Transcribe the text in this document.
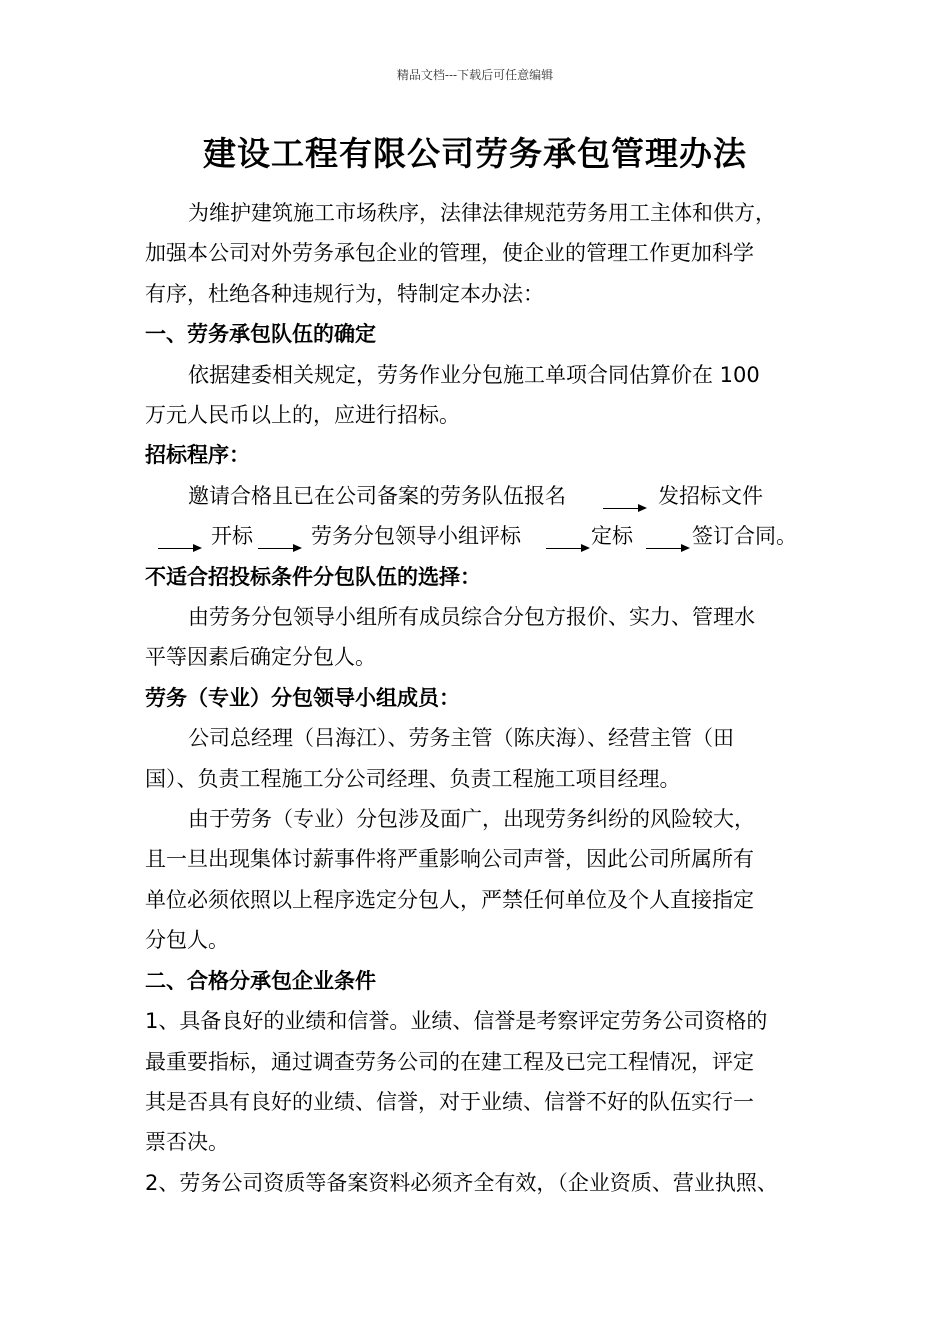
精品文档---下载后可任意编辑
建设工程有限公司劳务承包管理办法

为维护建筑施工市场秩序，法律法律规范劳务用工主体和供方，

加强本公司对外劳务承包企业的管理，使企业的管理工作更加科学

有序，杜绝各种违规行为，特制定本办法：

一、劳务承包队伍的确定

依据建委相关规定，劳务作业分包施工单项合同估算价在 100

万元人民币以上的，应进行招标。

招标程序：

邀请合格且已在公司备案的劳务队伍报名	发招标文件
开标	劳务分包领导小组评标	定标	签订合同。

不适合招投标条件分包队伍的选择：

由劳务分包领导小组所有成员综合分包方报价、实力、管理水

平等因素后确定分包人。

劳务（专业）分包领导小组成员：

公司总经理（吕海江）、劳务主管（陈庆海）、经营主管（田

国）、负责工程施工分公司经理、负责工程施工项目经理。

由于劳务（专业）分包涉及面广，出现劳务纠纷的风险较大，

且一旦出现集体讨薪事件将严重影响公司声誉，因此公司所属所有

单位必须依照以上程序选定分包人，严禁任何单位及个人直接指定

分包人。

二、合格分承包企业条件

1、具备良好的业绩和信誉。业绩、信誉是考察评定劳务公司资格的

最重要指标，通过调查劳务公司的在建工程及已完工程情况，评定

其是否具有良好的业绩、信誉，对于业绩、信誉不好的队伍实行一

票否决。

2、劳务公司资质等备案资料必须齐全有效，（企业资质、营业执照、
